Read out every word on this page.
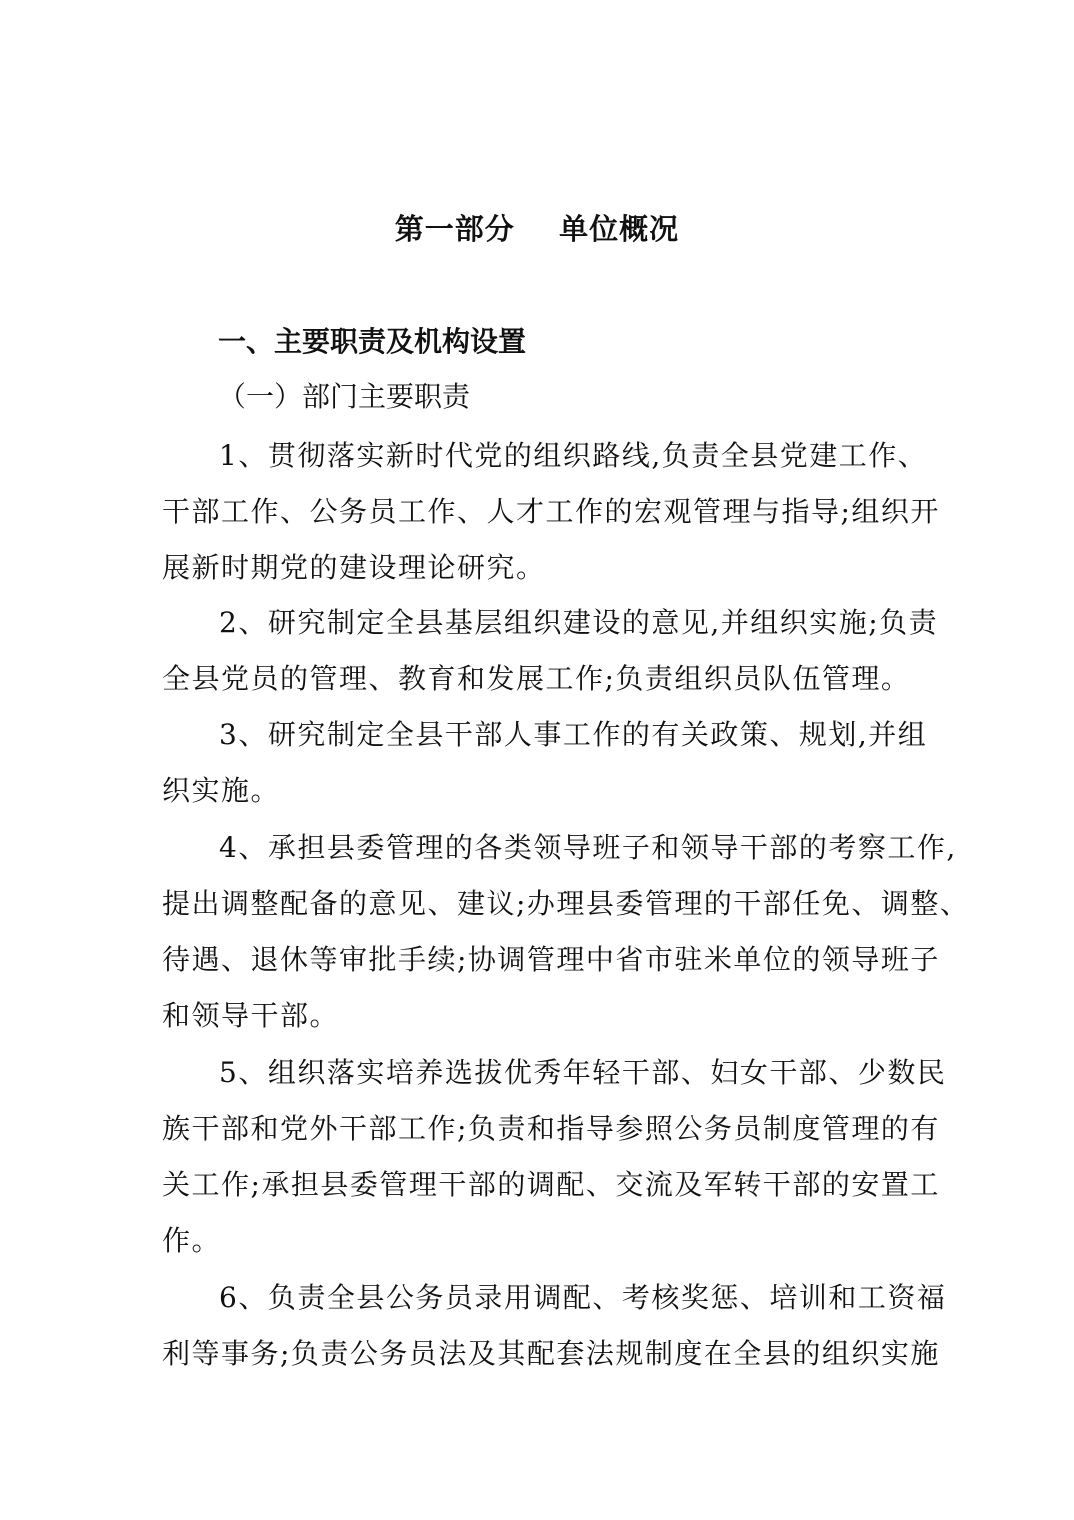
第一部分    单位概况
一、主要职责及机构设置
（一）部门主要职责
1、贯彻落实新时代党的组织路线,负责全县党建工作、
干部工作、公务员工作、人才工作的宏观管理与指导;组织开
展新时期党的建设理论研究。
2、研究制定全县基层组织建设的意见,并组织实施;负责
全县党员的管理、教育和发展工作;负责组织员队伍管理。
3、研究制定全县干部人事工作的有关政策、规划,并组
织实施。
4、承担县委管理的各类领导班子和领导干部的考察工作,
提出调整配备的意见、建议;办理县委管理的干部任免、调整、
待遇、退休等审批手续;协调管理中省市驻米单位的领导班子
和领导干部。
5、组织落实培养选拔优秀年轻干部、妇女干部、少数民
族干部和党外干部工作;负责和指导参照公务员制度管理的有
关工作;承担县委管理干部的调配、交流及军转干部的安置工
作。
6、负责全县公务员录用调配、考核奖惩、培训和工资福
利等事务;负责公务员法及其配套法规制度在全县的组织实施
